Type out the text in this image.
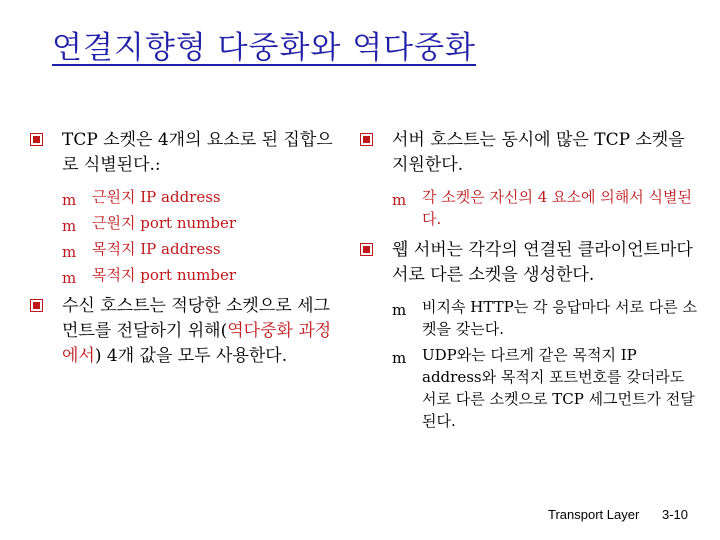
연결지향형 다중화와 역다중화
TCP 소켓은 4개의 요소로 된 집합으로 식별된다.:
m 근원지 IP address
m 근원지 port number
m 목적지 IP address
m 목적지 port number
수신 호스트는 적당한 소켓으로 세그먼트를 전달하기 위해(역다중화 과정에서) 4개 값을 모두 사용한다.
서버 호스트는 동시에 많은 TCP 소켓을 지원한다.
m 각 소켓은 자신의 4 요소에 의해서 식별된다.
웹 서버는 각각의 연결된 클라이언트마다 서로 다른 소켓을 생성한다.
m 비지속 HTTP는 각 응답마다 서로 다른 소켓을 갖는다.
m UDP와는 다르게 같은 목적지 IP address와 목적지 포트번호를 갖더라도 서로 다른 소켓으로 TCP 세그먼트가 전달된다.
Transport Layer 3-10
